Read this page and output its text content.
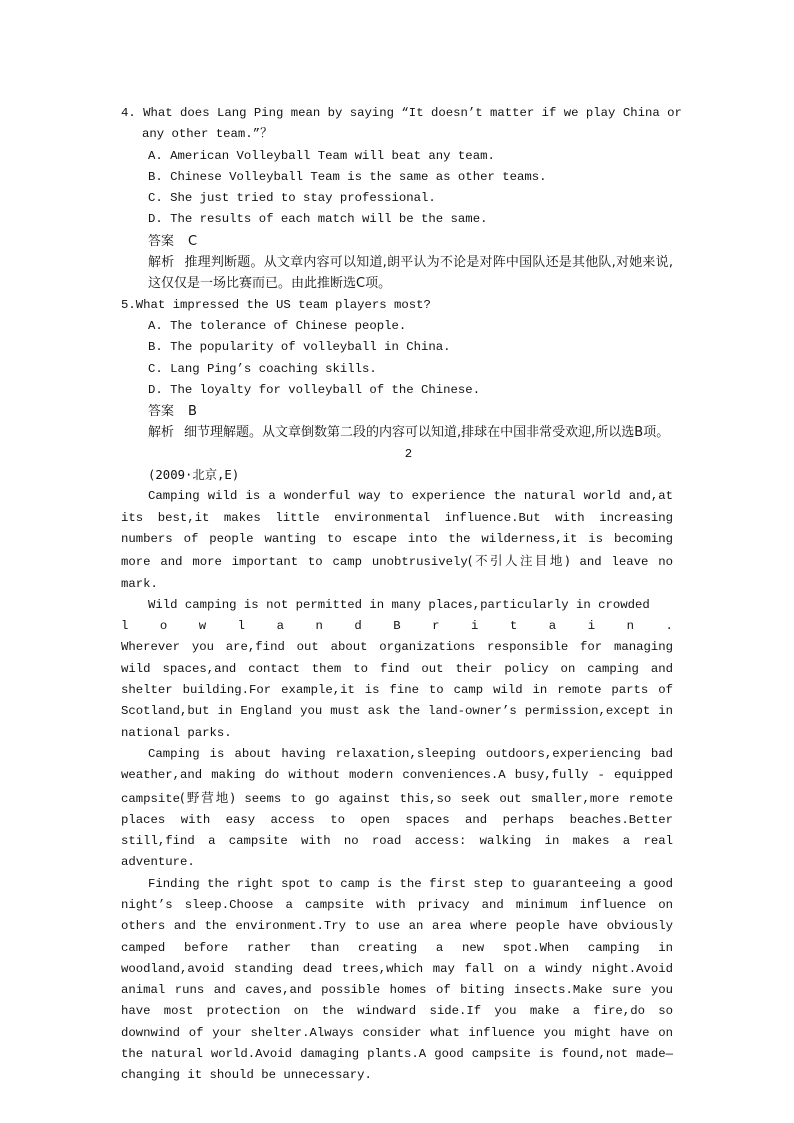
4. What does Lang Ping mean by saying “It doesn’t matter if we play China or
any other team.”？
A. American Volleyball Team will beat any team.
B. Chinese Volleyball Team is the same as other teams.
C. She just tried to stay professional.
D. The results of each match will be the same.
答案 C
解析 推理判断题。从文章内容可以知道,朗平认为不论是对阵中国队还是其他队,对她来说,这仅仅是一场比赛而已。由此推断选C项。
5.What impressed the US team players most?
A. The tolerance of Chinese people.
B. The popularity of volleyball in China.
C. Lang Ping’s coaching skills.
D. The loyalty for volleyball of the Chinese.
答案 B
解析 细节理解题。从文章倒数第二段的内容可以知道,排球在中国非常受欢迎,所以选B项。
2
(2009·北京,E)
Camping wild is a wonderful way to experience the natural world and,at its best,it makes little environmental influence.But with increasing numbers of people wanting to escape into the wilderness,it is becoming more and more important to camp unobtrusively(不引人注目地) and leave no mark.
Wild camping is not permitted in many places,particularly in crowded
l	o	w	l	a	n	d	B	r	i	t	a	i	n	.
Wherever you are,find out about organizations responsible for managing wild spaces,and contact them to find out their policy on camping and shelter building.For example,it is fine to camp wild in remote parts of Scotland,but in England you must ask the land-owner’s permission,except in national parks.
Camping is about having relaxation,sleeping outdoors,experiencing bad weather,and making do without modern conveniences.A busy,fully - equipped campsite(野营地) seems to go against this,so seek out smaller,more remote places with easy access to open spaces and perhaps beaches.Better still,find a campsite with no road access: walking in makes a real adventure.
Finding the right spot to camp is the first step to guaranteeing a good night’s sleep.Choose a campsite with privacy and minimum influence on others and the environment.Try to use an area where people have obviously camped before rather than creating a new spot.When camping in woodland,avoid standing dead trees,which may fall on a windy night.Avoid animal runs and caves,and possible homes of biting insects.Make sure you have most protection on the windward side.If you make a fire,do so downwind of your shelter.Always consider what influence you might have on the natural world.Avoid damaging plants.A good campsite is found,not made—changing it should be unnecessary.
